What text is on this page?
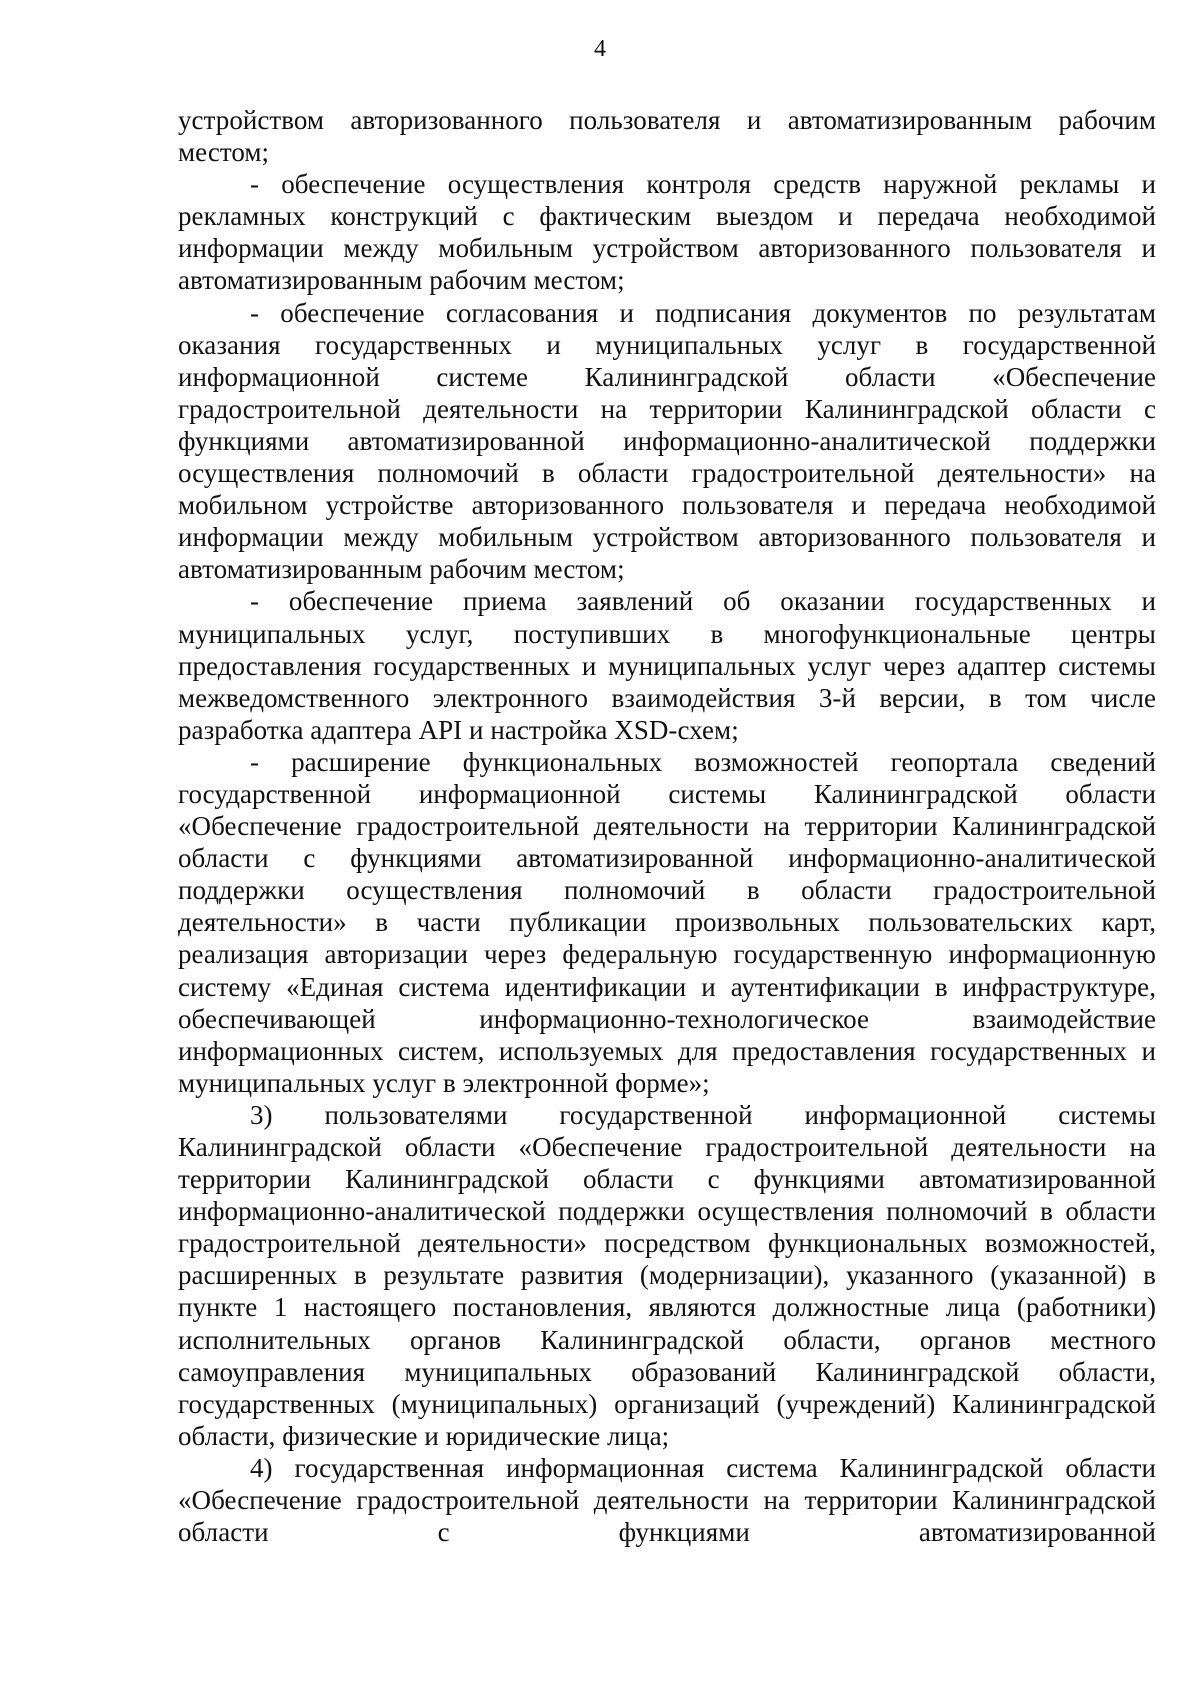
4

устройством авторизованного пользователя и автоматизированным рабочим местом;

- обеспечение осуществления контроля средств наружной рекламы и рекламных конструкций с фактическим выездом и передача необходимой информации между мобильным устройством авторизованного пользователя и автоматизированным рабочим местом;

- обеспечение согласования и подписания документов по результатам оказания государственных и муниципальных услуг в государственной информационной системе Калининградской области «Обеспечение градостроительной деятельности на территории Калининградской области с функциями автоматизированной информационно-аналитической поддержки осуществления полномочий в области градостроительной деятельности» на мобильном устройстве авторизованного пользователя и передача необходимой информации между мобильным устройством авторизованного пользователя и автоматизированным рабочим местом;

- обеспечение приема заявлений об оказании государственных и муниципальных услуг, поступивших в многофункциональные центры предоставления государственных и муниципальных услуг через адаптер системы межведомственного электронного взаимодействия 3-й версии, в том числе разработка адаптера API и настройка XSD-схем;

- расширение функциональных возможностей геопортала сведений государственной информационной системы Калининградской области «Обеспечение градостроительной деятельности на территории Калининградской области с функциями автоматизированной информационно-аналитической поддержки осуществления полномочий в области градостроительной деятельности» в части публикации произвольных пользовательских карт, реализация авторизации через федеральную государственную информационную систему «Единая система идентификации и аутентификации в инфраструктуре, обеспечивающей информационно-технологическое взаимодействие информационных систем, используемых для предоставления государственных и муниципальных услуг в электронной форме»;

3) пользователями государственной информационной системы Калининградской области «Обеспечение градостроительной деятельности на территории Калининградской области с функциями автоматизированной информационно-аналитической поддержки осуществления полномочий в области градостроительной деятельности» посредством функциональных возможностей, расширенных в результате развития (модернизации), указанного (указанной) в пункте 1 настоящего постановления, являются должностные лица (работники) исполнительных органов Калининградской области, органов местного самоуправления муниципальных образований Калининградской области, государственных (муниципальных) организаций (учреждений) Калининградской области, физические и юридические лица;

4) государственная информационная система Калининградской области «Обеспечение градостроительной деятельности на территории Калининградской области с функциями автоматизированной
